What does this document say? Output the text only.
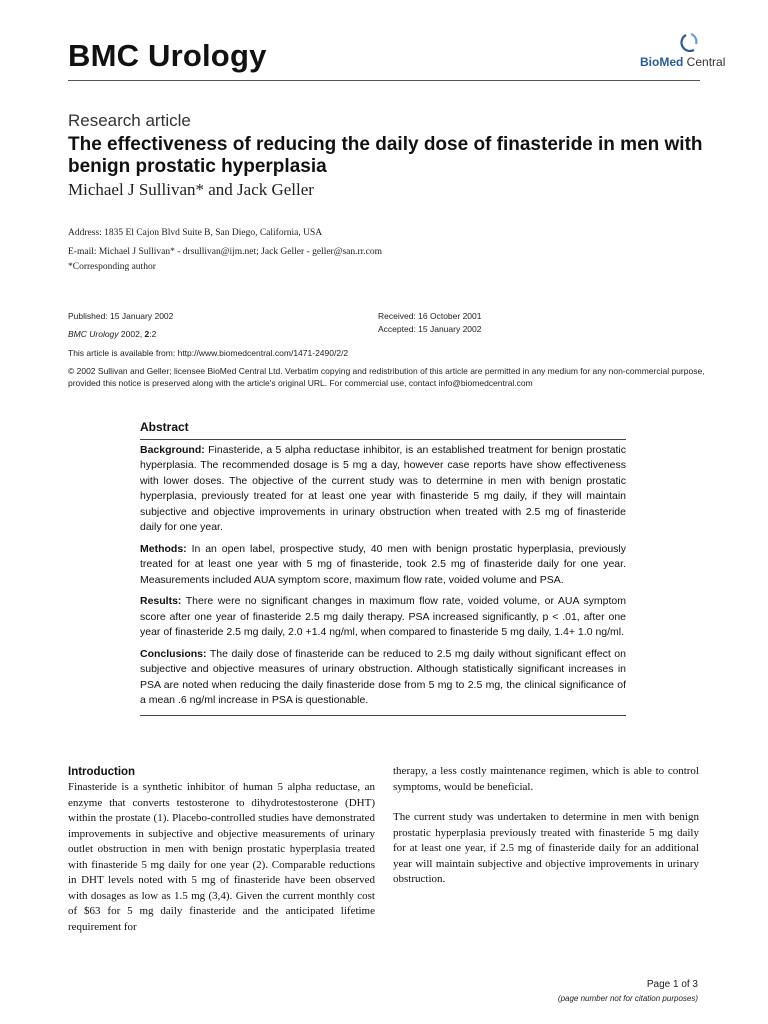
BMC Urology	BioMed Central
Research article
The effectiveness of reducing the daily dose of finasteride in men with benign prostatic hyperplasia
Michael J Sullivan* and Jack Geller
Address: 1835 El Cajon Blvd Suite B, San Diego, California, USA
E-mail: Michael J Sullivan* - drsullivan@ijm.net; Jack Geller - geller@san.rr.com
*Corresponding author
Published: 15 January 2002
BMC Urology 2002, 2:2
This article is available from: http://www.biomedcentral.com/1471-2490/2/2
Received: 16 October 2001
Accepted: 15 January 2002
© 2002 Sullivan and Geller; licensee BioMed Central Ltd. Verbatim copying and redistribution of this article are permitted in any medium for any non-commercial purpose, provided this notice is preserved along with the article's original URL. For commercial use, contact info@biomedcentral.com
Abstract

Background: Finasteride, a 5 alpha reductase inhibitor, is an established treatment for benign prostatic hyperplasia. The recommended dosage is 5 mg a day, however case reports have show effectiveness with lower doses. The objective of the current study was to determine in men with benign prostatic hyperplasia, previously treated for at least one year with finasteride 5 mg daily, if they will maintain subjective and objective improvements in urinary obstruction when treated with 2.5 mg of finasteride daily for one year.

Methods: In an open label, prospective study, 40 men with benign prostatic hyperplasia, previously treated for at least one year with 5 mg of finasteride, took 2.5 mg of finasteride daily for one year. Measurements included AUA symptom score, maximum flow rate, voided volume and PSA.

Results: There were no significant changes in maximum flow rate, voided volume, or AUA symptom score after one year of finasteride 2.5 mg daily therapy. PSA increased significantly, p < .01, after one year of finasteride 2.5 mg daily, 2.0 +1.4 ng/ml, when compared to finasteride 5 mg daily, 1.4+ 1.0 ng/ml.

Conclusions: The daily dose of finasteride can be reduced to 2.5 mg daily without significant effect on subjective and objective measures of urinary obstruction. Although statistically significant increases in PSA are noted when reducing the daily finasteride dose from 5 mg to 2.5 mg, the clinical significance of a mean .6 ng/ml increase in PSA is questionable.

Introduction
Finasteride is a synthetic inhibitor of human 5 alpha reductase, an enzyme that converts testosterone to dihydrotestosterone (DHT) within the prostate (1). Placebo-controlled studies have demonstrated improvements in subjective and objective measurements of urinary outlet obstruction in men with benign prostatic hyperplasia treated with finasteride 5 mg daily for one year (2). Comparable reductions in DHT levels noted with 5 mg of finasteride have been observed with dosages as low as 1.5 mg (3,4). Given the current monthly cost of $63 for 5 mg daily finasteride and the anticipated lifetime requirement for

therapy, a less costly maintenance regimen, which is able to control symptoms, would be beneficial.

The current study was undertaken to determine in men with benign prostatic hyperplasia previously treated with finasteride 5 mg daily for at least one year, if 2.5 mg of finasteride daily for an additional year will maintain subjective and objective improvements in urinary obstruction.

Page 1 of 3
(page number not for citation purposes)
